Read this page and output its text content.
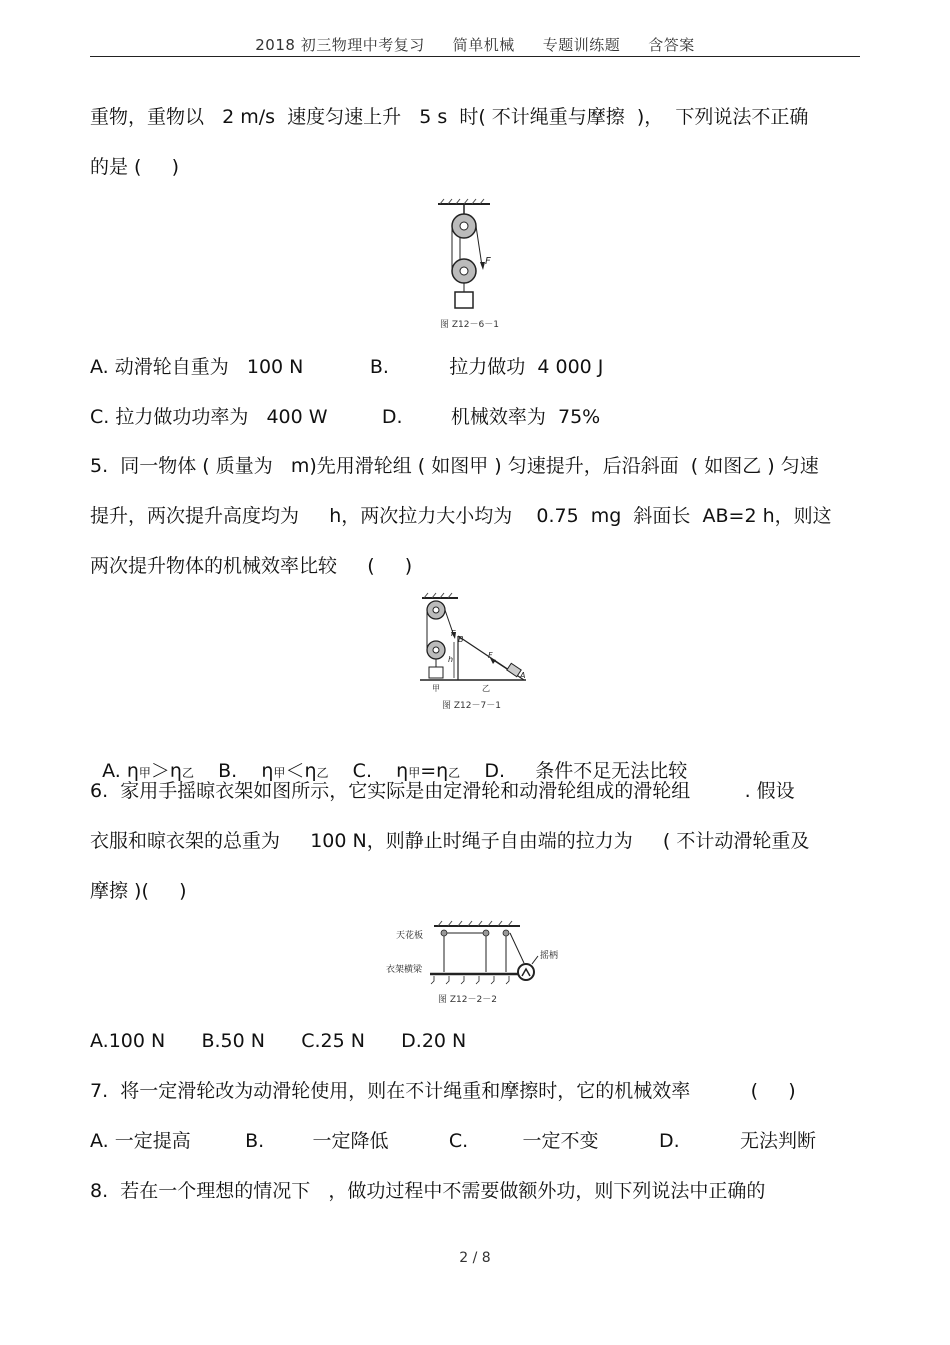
2018 初三物理中考复习 简单机械 专题训练题 含答案
重物，重物以   2 m/s  速度匀速上升   5 s  时( 不计绳重与摩擦  )，  下列说法不正确
的是 (     )
F
图 Z12－6－1
A. 动滑轮自重为   100 N           B.          拉力做功  4 000 J
C. 拉力做功功率为   400 W         D.        机械效率为  75%
5.  同一物体 ( 质量为   m)先用滑轮组 ( 如图甲 ) 匀速提升，后沿斜面  ( 如图乙 ) 匀速
提升，两次提升高度均为     h，两次拉力大小均为    0.75  mg  斜面长  AB=2 h，则这
两次提升物体的机械效率比较     (     )
F
B
h	F
A
甲	乙
图 Z12－7－1

A. η甲＞η乙 B.    η甲＜η乙 C.    η甲=η乙 D.     条件不足无法比较

6.  家用手摇晾衣架如图所示，它实际是由定滑轮和动滑轮组成的滑轮组         . 假设
衣服和晾衣架的总重为     100 N，则静止时绳子自由端的拉力为     ( 不计动滑轮重及
摩擦 )(     )
天花板
衣架横梁
摇柄
图 Z12－2－2
A.100 N      B.50 N      C.25 N      D.20 N
7.  将一定滑轮改为动滑轮使用，则在不计绳重和摩擦时，它的机械效率          (     )
A. 一定提高         B.        一定降低          C.         一定不变          D.          无法判断
8.  若在一个理想的情况下   ，做功过程中不需要做额外功，则下列说法中正确的
2 / 8
